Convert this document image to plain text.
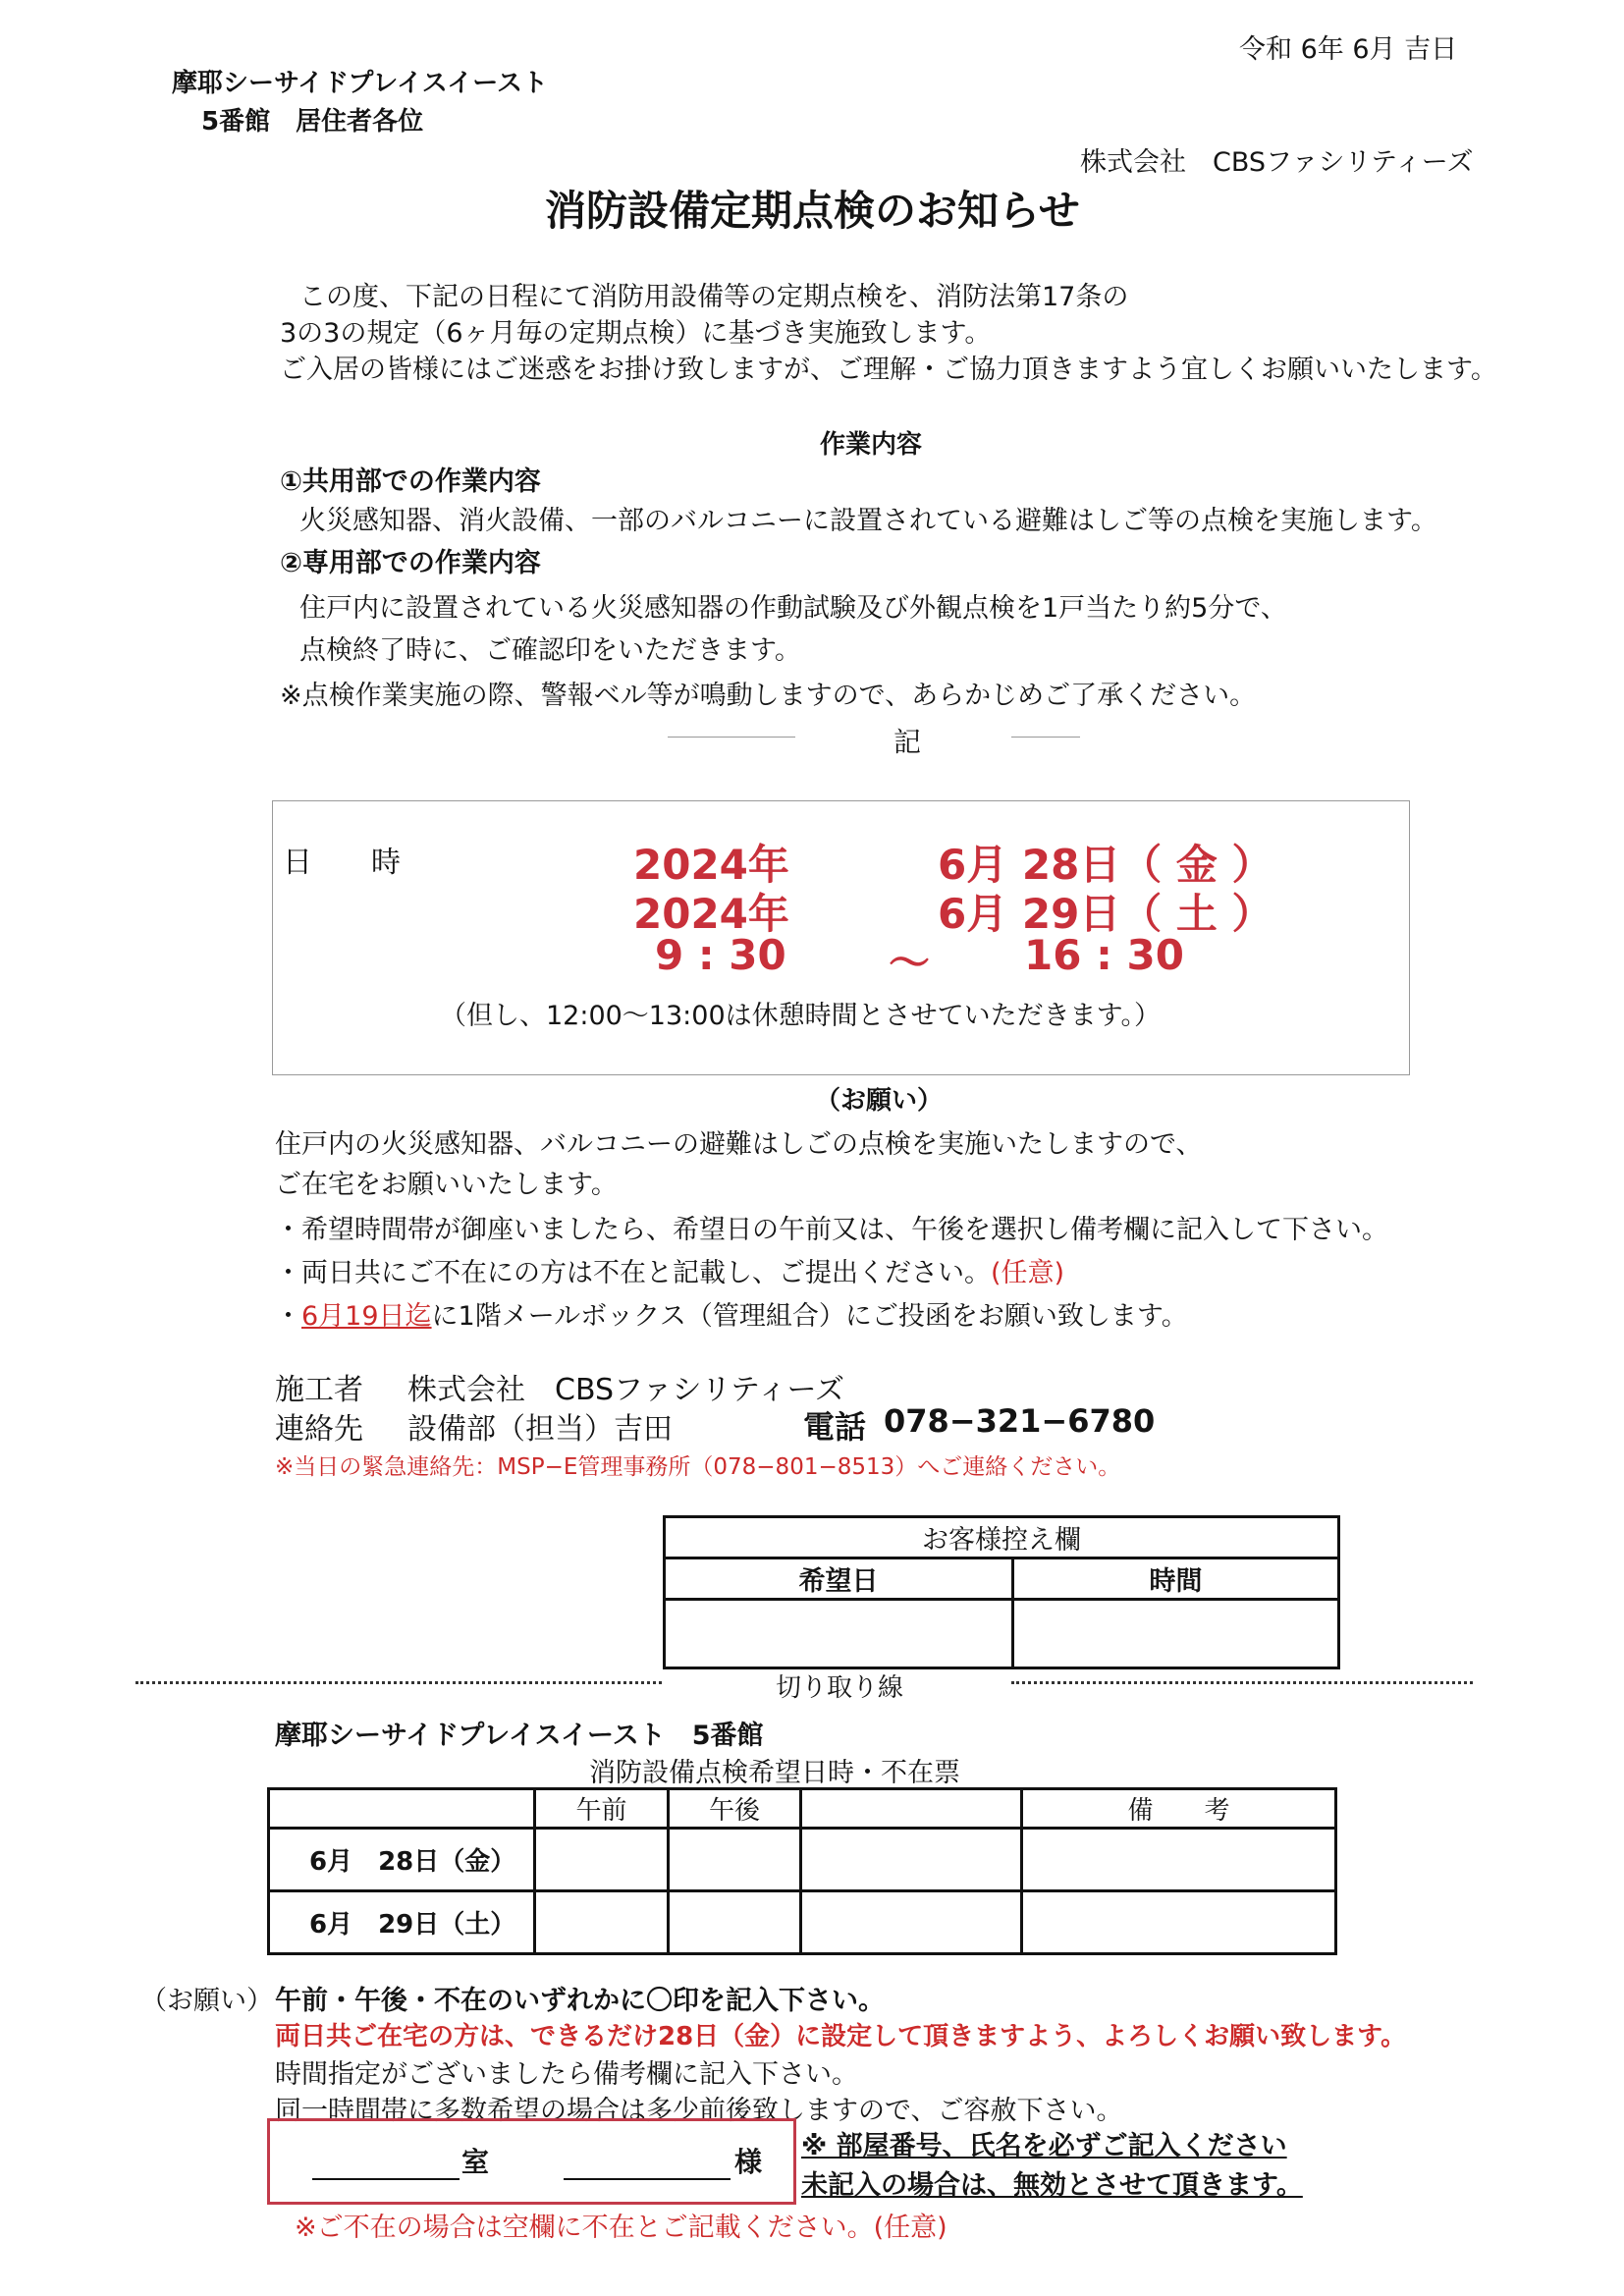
令和 6年 6月 吉日
摩耶シーサイドプレイスイースト
5番館　居住者各位
株式会社　CBSファシリティーズ
消防設備定期点検のお知らせ
この度、下記の日程にて消防用設備等の定期点検を、消防法第17条の
3の3の規定（6ヶ月毎の定期点検）に基づき実施致します。
ご入居の皆様にはご迷惑をお掛け致しますが、ご理解・ご協力頂きますよう宜しくお願いいたします。
作業内容
①共用部での作業内容
火災感知器、消火設備、一部のバルコニーに設置されている避難はしご等の点検を実施します。
②専用部での作業内容
住戸内に設置されている火災感知器の作動試験及び外観点検を1戸当たり約5分で、
点検終了時に、ご確認印をいただきます。
※点検作業実施の際、警報ベル等が鳴動しますので、あらかじめご了承ください。
記
日　　時	2024年	6月 28日（ 金 ）
2024年	6月 29日（ 土 ）
9 : 30 〜 16 : 30
（但し、12:00〜13:00は休憩時間とさせていただきます。）
（お願い）
住戸内の火災感知器、バルコニーの避難はしごの点検を実施いたしますので、
ご在宅をお願いいたします。
・希望時間帯が御座いましたら、希望日の午前又は、午後を選択し備考欄に記入して下さい。
・両日共にご不在にの方は不在と記載し、ご提出ください。(任意)
・6月19日迄に1階メールボックス（管理組合）にご投函をお願い致します。
施工者 株式会社　CBSファシリティーズ
連絡先 設備部（担当）吉田	電話 078−321−6780
※当日の緊急連絡先：MSP−E管理事務所（078−801−8513）へご連絡ください。
お客様控え欄	
希望日	時間

切り取り線
摩耶シーサイドプレイスイースト　5番館
消防設備点検希望日時・不在票
	午前	午後		備　　考
6月　28日（金）				
6月　29日（土）				
（お願い） 午前・午後・不在のいずれかに〇印を記入下さい。
両日共ご在宅の方は、できるだけ28日（金）に設定して頂きますよう、よろしくお願い致します。
時間指定がございましたら備考欄に記入下さい。
同一時間帯に多数希望の場合は多少前後致しますので、ご容赦下さい。
室	様 ※ 部屋番号、氏名を必ずご記入ください
未記入の場合は、無効とさせて頂きます。
※ご不在の場合は空欄に不在とご記載ください。(任意)
